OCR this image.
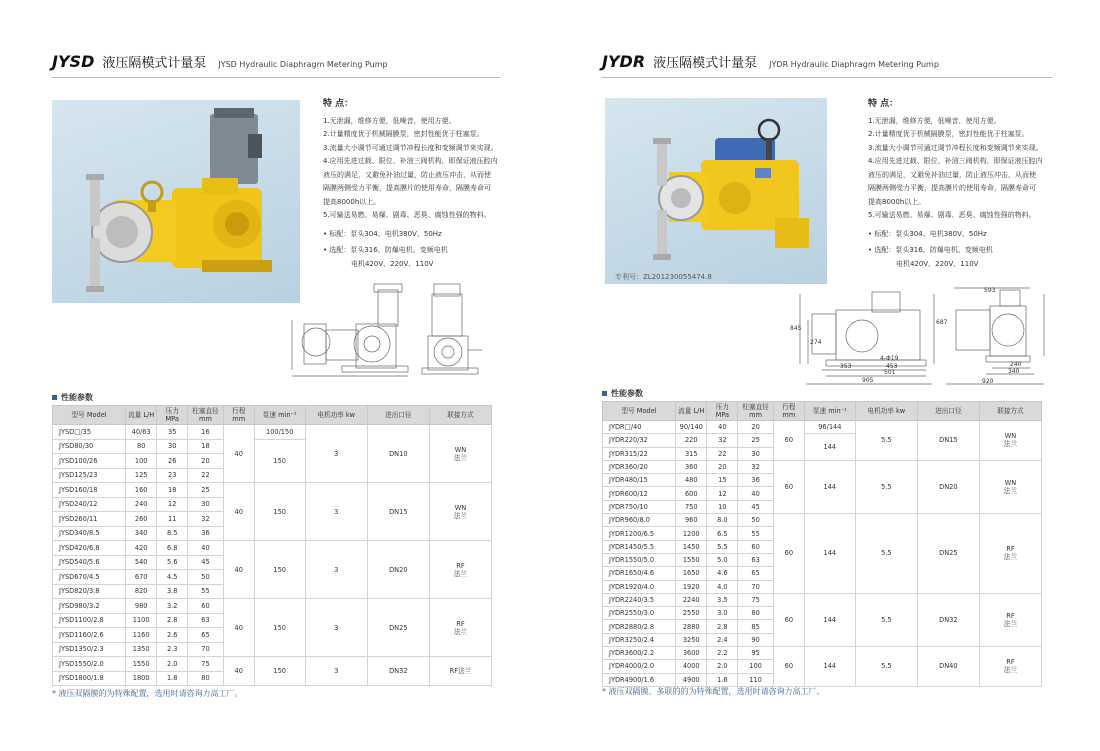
JYSD 液压隔模式计量泵 JYSD Hydraulic Diaphragm Metering Pump
特 点：
1.无泄漏，维修方便，低噪音，使用方便。
2.计量精度优于机械隔膜泵，密封性能优于柱塞泵。
3.流量大小调节可通过调节冲程长度和变频调节来实现。
4.应用先进过载、限位、补油三阀机构，即保证液压腔内
液压的满足，又避免补油过量，防止液压冲击，从而使
隔膜两侧受力平衡，提高膜片的使用寿命，隔膜寿命可
提高8000h以上。
5.可输送易燃、易爆、剧毒、恶臭、腐蚀性强的物料。
• 标配：泵头304、电机380V、50Hz
• 选配：泵头316、防爆电机、变频电机
电机420V、220V、110V
性能参数
型号 Model	流量 L/H	压力 MPa	柱塞直径 mm	行程 mm	泵速 min⁻¹	电机功率 kw	进出口径	联接方式
JYSD□/35	40/63	35	16	40	100/150	3	DN10	WN
法兰
JYSD80/30	80	30	18		150			
JYSD100/26	100	26	20					
JYSD125/23	125	23	22					
JYSD160/18	160	18	25	40	150	3	DN15	WN
法兰
JYSD240/12	240	12	30					
JYSD260/11	260	11	32					
JYSD340/8.5	340	8.5	36					
JYSD420/6.8	420	6.8	40	40	150	3	DN20	RF
法兰
JYSD540/5.6	540	5.6	45					
JYSD670/4.5	670	4.5	50					
JYSD820/3.8	820	3.8	55					
JYSD980/3.2	980	3.2	60	40	150	3	DN25	RF
法兰
JYSD1100/2.8	1100	2.8	63					
JYSD1160/2.6	1160	2.6	65					
JYSD1350/2.3	1350	2.3	70					
JYSD1550/2.0	1550	2.0	75	40	150	3	DN32	RF法兰
JYSD1800/1.8	1800	1.8	80					
* 液压双隔膜的为特殊配置，选用时请咨询力高工厂。
JYDR 液压隔模式计量泵 JYDR Hydraulic Diaphragm Metering Pump
专利号：ZL201230055474.8
特 点：
1.无泄漏，维修方便，低噪音，使用方便。
2.计量精度优于机械隔膜泵，密封性能优于柱塞泵。
3.流量大小调节可通过调节冲程长度和变频调节来实现。
4.应用先进过载、限位、补油三阀机构，即保证液压腔内
液压的满足，又避免补油过量，防止液压冲击，从而使
隔膜两侧受力平衡，提高膜片的使用寿命，隔膜寿命可
提高8000h以上。
5.可输送易燃、易爆、剧毒、恶臭、腐蚀性强的物料。
• 标配：泵头304、电机380V、50Hz
• 选配：泵头316、防爆电机、变频电机
电机420V、220V、110V
845
274
353	453
501
905
593
687
240
340
920
4-Φ19
性能参数
型号 Model	流量 L/H	压力 MPa	柱塞直径 mm	行程 mm	泵速 min⁻¹	电机功率 kw	进出口径	联接方式
JYDR□/40	90/140	40	20	60	96/144	5.5	DN15	WN
法兰
JYDR220/32	220	32	25		144			
JYDR315/22	315	22	30					
JYDR360/20	360	20	32	60	144	5.5	DN20	WN
法兰
JYDR480/15	480	15	36					
JYDR600/12	600	12	40					
JYDR750/10	750	10	45					
JYDR960/8.0	960	8.0	50	60	144	5.5	DN25	RF
法兰
JYDR1200/6.5	1200	6.5	55					
JYDR1450/5.5	1450	5.5	60					
JYDR1550/5.0	1550	5.0	63					
JYDR1650/4.6	1650	4.6	65					
JYDR1920/4.0	1920	4.0	70					
JYDR2240/3.5	2240	3.5	75	60	144	5.5	DN32	RF
法兰
JYDR2550/3.0	2550	3.0	80					
JYDR2880/2.8	2880	2.8	85					
JYDR3250/2.4	3250	2.4	90					
JYDR3600/2.2	3600	2.2	95	60	144	5.5	DN40	RF
法兰
JYDR4000/2.0	4000	2.0	100					
JYDR4900/1.6	4900	1.6	110					
* 液压双隔膜、多联的的为特殊配置，选用时请咨询力高工厂。
